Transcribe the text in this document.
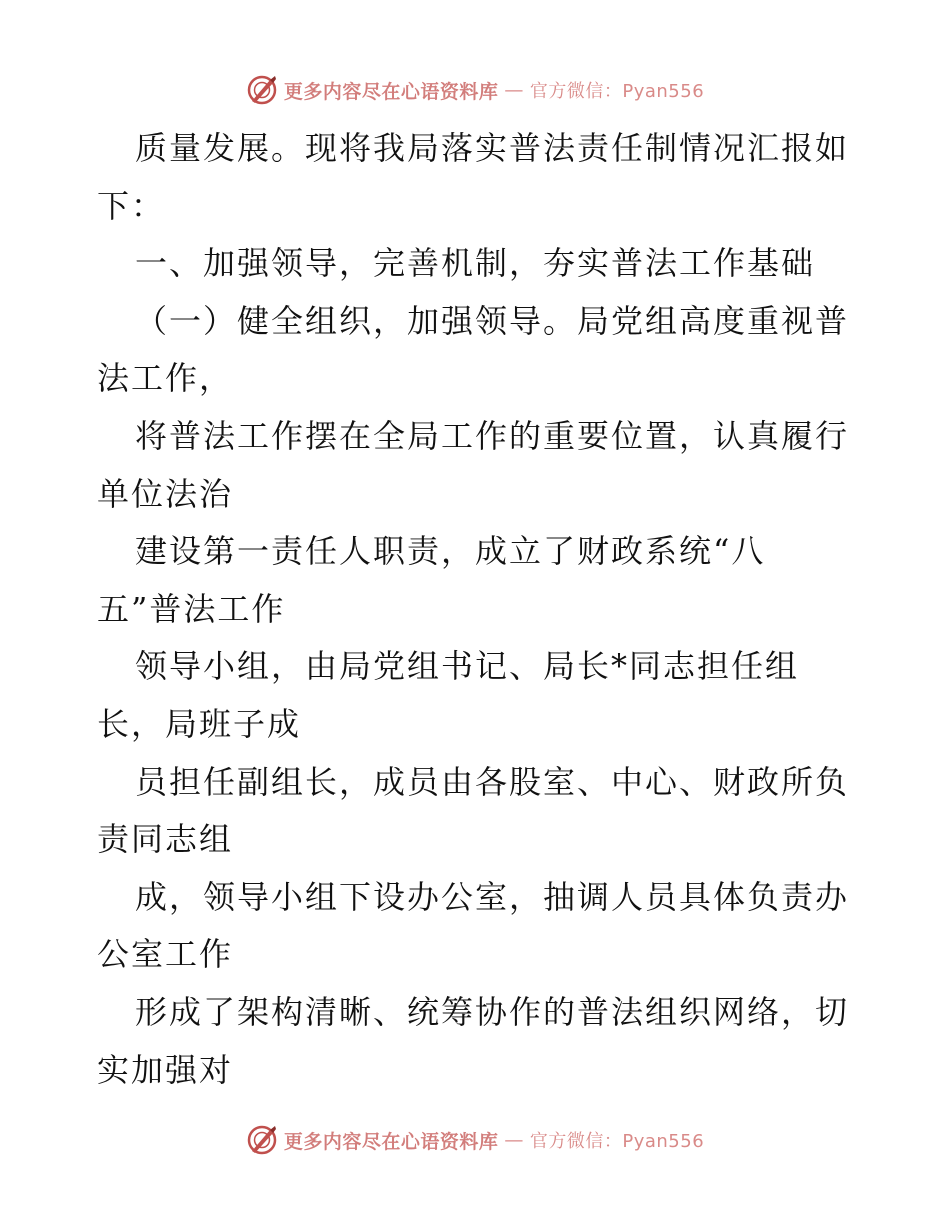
更多内容尽在心语资料库 — 官方微信：Pyan556

质量发展。现将我局落实普法责任制情况汇报如

下：

一、加强领导，完善机制，夯实普法工作基础

（一）健全组织，加强领导。局党组高度重视普

法工作，

将普法工作摆在全局工作的重要位置，认真履行

单位法治

建设第一责任人职责，成立了财政系统“八

五”普法工作

领导小组，由局党组书记、局长*同志担任组

长，局班子成

员担任副组长，成员由各股室、中心、财政所负

责同志组

成，领导小组下设办公室，抽调人员具体负责办

公室工作

形成了架构清晰、统筹协作的普法组织网络，切

实加强对

更多内容尽在心语资料库 — 官方微信：Pyan556
